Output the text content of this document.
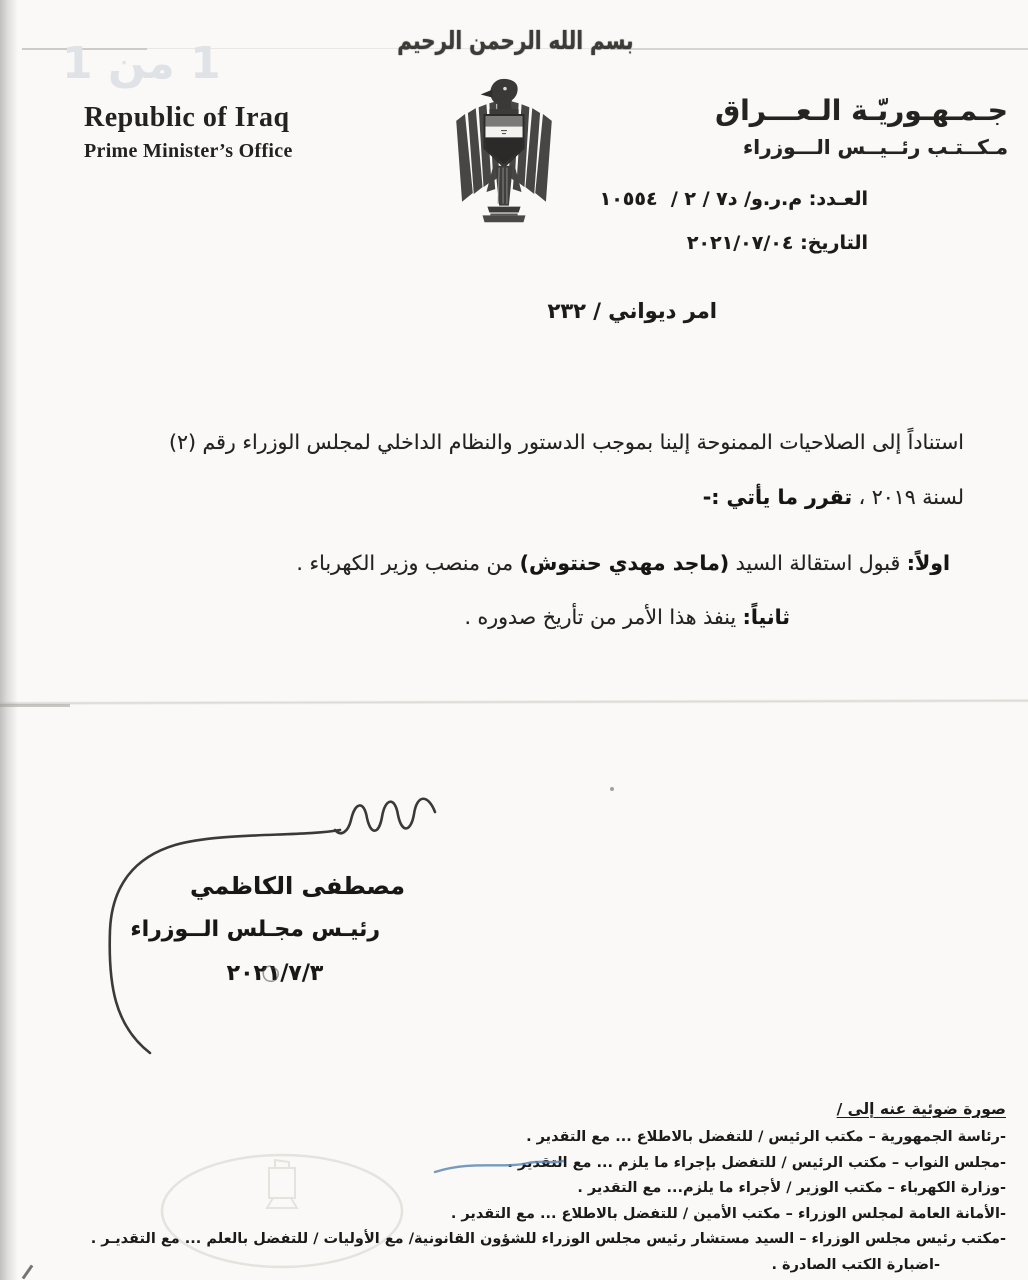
1 من 1
Republic of Iraq
Prime Minister’s Office
بسم الله الرحمن الرحيم
جـمـهـوريّـة الـعـــراق
مـكــتـب رئــيــس الـــوزراء
العـدد: م.ر.و/ د٧ ‏/ ٢ ‏/  ١٠٥٥٤
التاريخ: ٢٠٢١/٠٧/٠٤
امر ديواني / ٢٣٢
استناداً إلى الصلاحيات الممنوحة إلينا بموجب الدستور والنظام الداخلي لمجلس الوزراء رقم (٢)
لسنة ٢٠١٩ ، تقرر ما يأتي :-
اولاً: قبول استقالة السيد (ماجد مهدي حنتوش) من منصب وزير الكهرباء .
ثانياً: ينفذ هذا الأمر من تأريخ صدوره .
مصطفى الكاظمي
رئيـس مجـلس الــوزراء
٢٠٢١/٧/٣
صورة ضوئية عنه إلى /
-رئاسة الجمهورية – مكتب الرئيس / للتفضل بالاطلاع ... مع التقدير .
-مجلس النواب – مكتب الرئيس / للتفضل بإجراء ما يلزم ... مع التقدير .
-وزارة الكهرباء – مكتب الوزير / لأجراء ما يلزم... مع التقدير .
-الأمانة العامة لمجلس الوزراء – مكتب الأمين / للتفضل بالاطلاع ... مع التقدير .
-مكتب رئيس مجلس الوزراء – السيد مستشار رئيس مجلس الوزراء للشؤون القانونية/ مع الأوليات / للتفضل بالعلم ... مع التقديـر .
-اضبارة الكتب الصادرة .
